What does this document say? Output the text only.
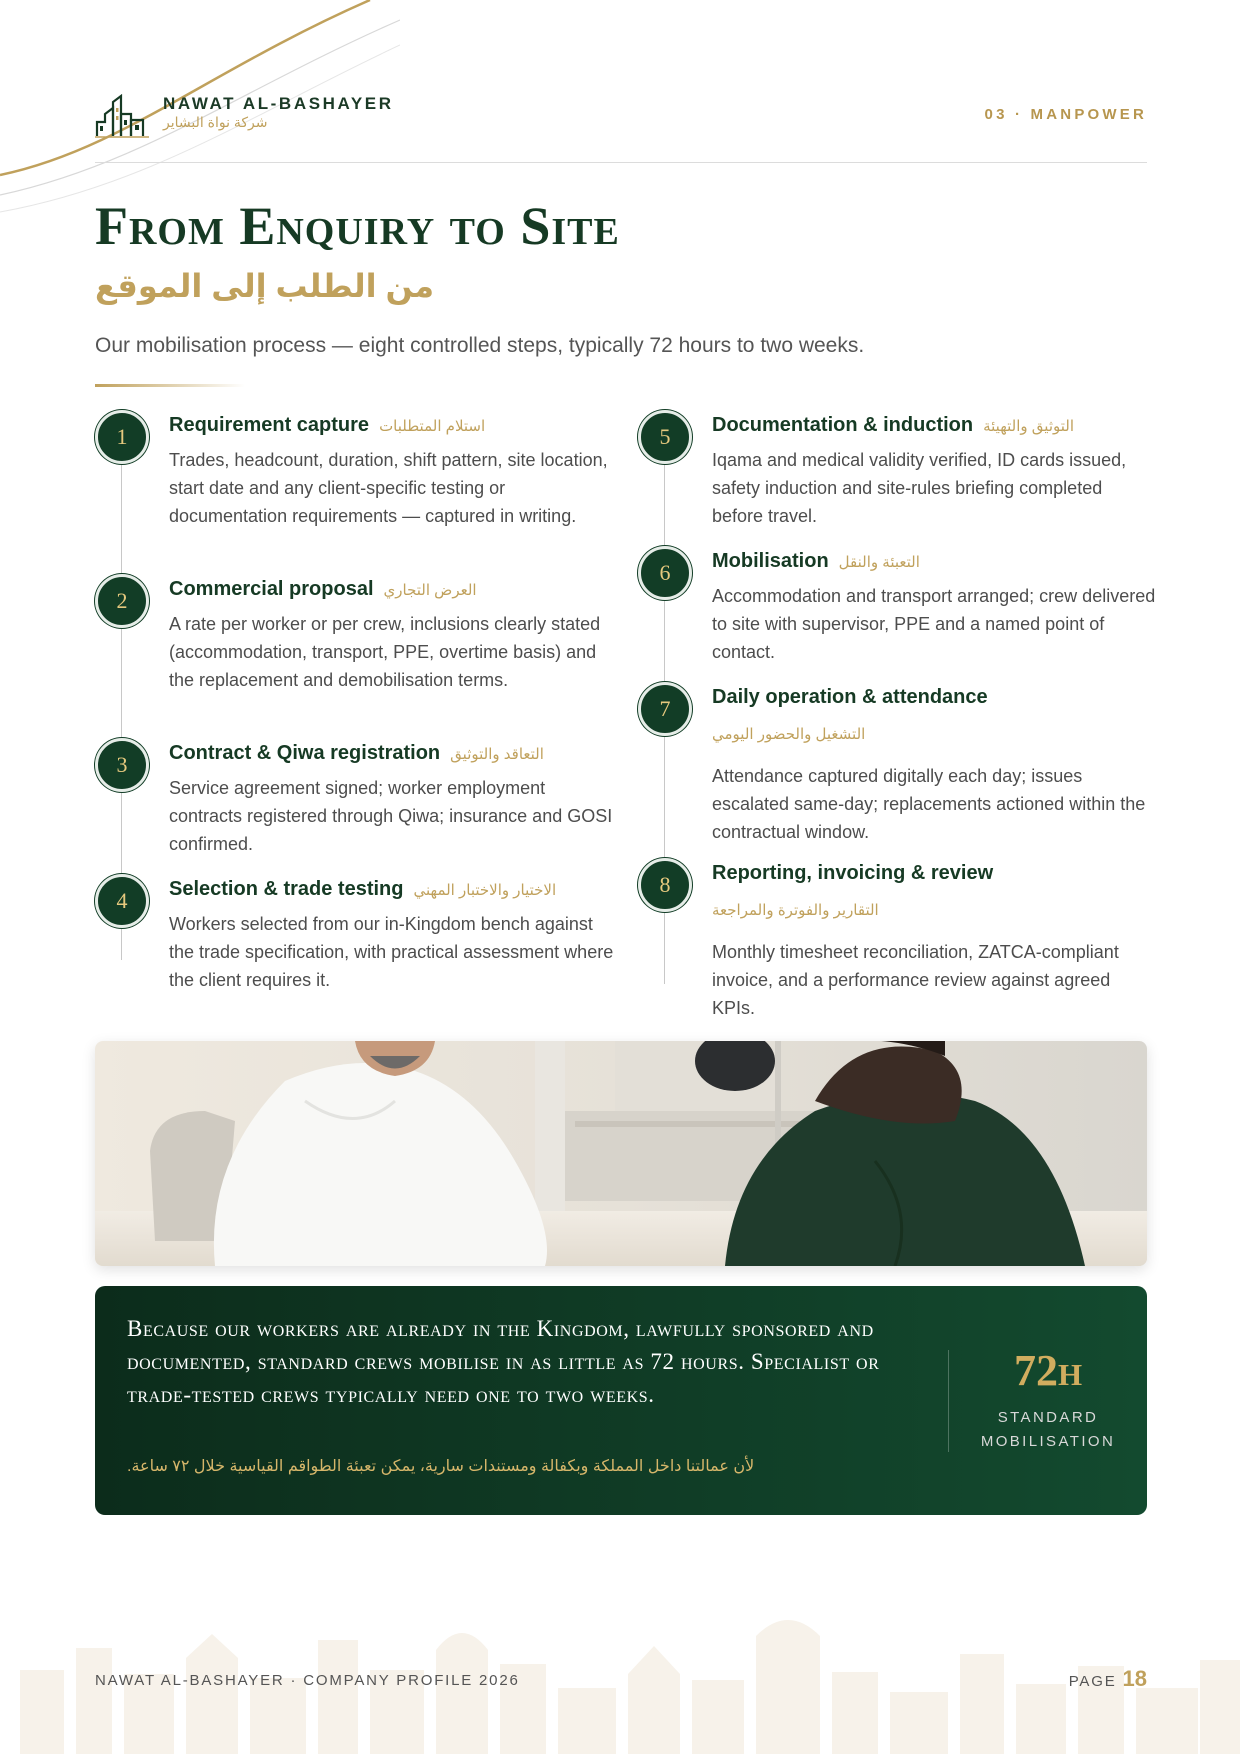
NAWAT AL-BASHAYER
شركة نواة البشاير	03 · MANPOWER
From Enquiry to Site
من الطلب إلى الموقع

Our mobilisation process — eight controlled steps, typically 72 hours to two weeks.

1	Requirement capture استلام المتطلبات
Trades, headcount, duration, shift pattern, site location, start date and any client-specific testing or documentation requirements — captured in writing.
2	Commercial proposal العرض التجاري
A rate per worker or per crew, inclusions clearly stated (accommodation, transport, PPE, overtime basis) and the replacement and demobilisation terms.
3	Contract & Qiwa registration التعاقد والتوثيق
Service agreement signed; worker employment contracts registered through Qiwa; insurance and GOSI confirmed.
4	Selection & trade testing الاختيار والاختبار المهني
Workers selected from our in-Kingdom bench against the trade specification, with practical assessment where the client requires it.
5	Documentation & induction التوثيق والتهيئة
Iqama and medical validity verified, ID cards issued, safety induction and site-rules briefing completed before travel.
6	Mobilisation التعبئة والنقل
Accommodation and transport arranged; crew delivered to site with supervisor, PPE and a named point of contact.
7	Daily operation & attendance
التشغيل والحضور اليومي
Attendance captured digitally each day; issues escalated same-day; replacements actioned within the contractual window.
8	Reporting, invoicing & review
التقارير والفوترة والمراجعة
Monthly timesheet reconciliation, ZATCA-compliant invoice, and a performance review against agreed KPIs.

Because our workers are already in the Kingdom, lawfully sponsored and documented, standard crews mobilise in as little as 72 hours. Specialist or trade-tested crews typically need one to two weeks.

لأن عمالتنا داخل المملكة وبكفالة ومستندات سارية، يمكن تعبئة الطواقم القياسية خلال ٧٢ ساعة.

72h
STANDARD MOBILISATION
NAWAT AL-BASHAYER · COMPANY PROFILE 2026	PAGE 18
